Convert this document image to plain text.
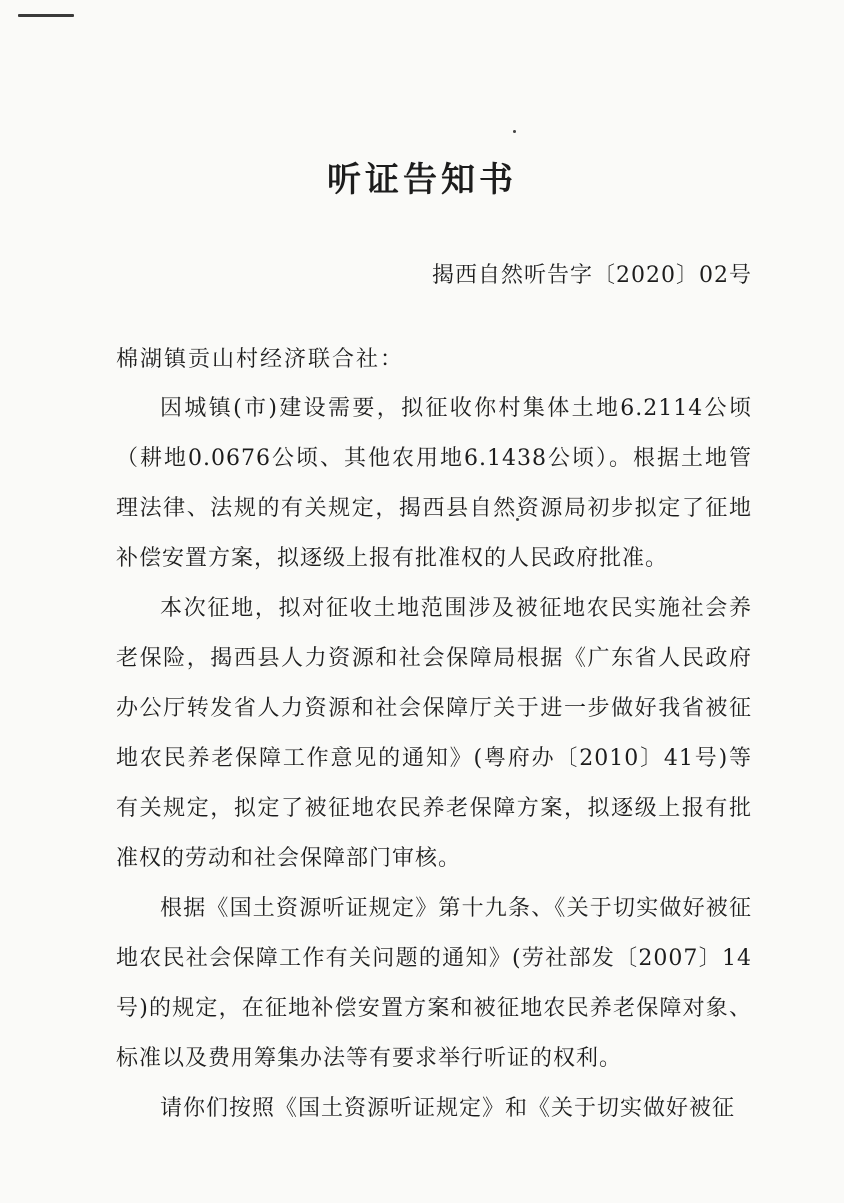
听证告知书
揭西自然听告字〔2020〕02号
棉湖镇贡山村经济联合社：

因城镇(市)建设需要，拟征收你村集体土地6.2114公顷（耕地0.0676公顷、其他农用地6.1438公顷）。根据土地管理法律、法规的有关规定，揭西县自然资源局初步拟定了征地补偿安置方案，拟逐级上报有批准权的人民政府批准。

本次征地，拟对征收土地范围涉及被征地农民实施社会养老保险，揭西县人力资源和社会保障局根据《广东省人民政府办公厅转发省人力资源和社会保障厅关于进一步做好我省被征地农民养老保障工作意见的通知》(粤府办〔2010〕41号)等有关规定，拟定了被征地农民养老保障方案，拟逐级上报有批准权的劳动和社会保障部门审核。

根据《国土资源听证规定》第十九条、《关于切实做好被征地农民社会保障工作有关问题的通知》(劳社部发〔2007〕14号)的规定，在征地补偿安置方案和被征地农民养老保障对象、标准以及费用筹集办法等有要求举行听证的权利。

请你们按照《国土资源听证规定》和《关于切实做好被征
